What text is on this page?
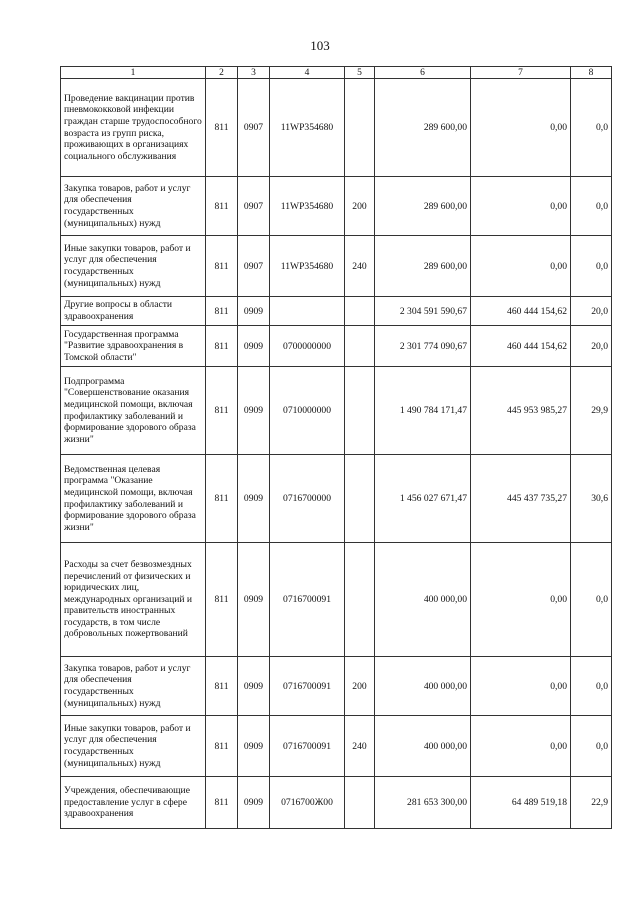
103
1	2	3	4	5	6	7	8
Проведение вакцинации против пневмококковой инфекции граждан старше трудоспособного возраста из групп риска, проживающих в организациях социального обслуживания	811	0907	11WP354680		289 600,00	0,00	0,0
Закупка товаров, работ и услуг для обеспечения государственных (муниципальных) нужд	811	0907	11WP354680	200	289 600,00	0,00	0,0
Иные закупки товаров, работ и услуг для обеспечения государственных (муниципальных) нужд	811	0907	11WP354680	240	289 600,00	0,00	0,0
Другие вопросы в области здравоохранения	811	0909			2 304 591 590,67	460 444 154,62	20,0
Государственная программа "Развитие здравоохранения в Томской области"	811	0909	0700000000		2 301 774 090,67	460 444 154,62	20,0
Подпрограмма "Совершенствование оказания медицинской помощи, включая профилактику заболеваний и формирование здорового образа жизни"	811	0909	0710000000		1 490 784 171,47	445 953 985,27	29,9
Ведомственная целевая программа "Оказание медицинской помощи, включая профилактику заболеваний и формирование здорового образа жизни"	811	0909	0716700000		1 456 027 671,47	445 437 735,27	30,6
Расходы за счет безвозмездных перечислений от физических и юридических лиц, международных организаций и правительств иностранных государств, в том числе добровольных пожертвований	811	0909	0716700091		400 000,00	0,00	0,0
Закупка товаров, работ и услуг для обеспечения государственных (муниципальных) нужд	811	0909	0716700091	200	400 000,00	0,00	0,0
Иные закупки товаров, работ и услуг для обеспечения государственных (муниципальных) нужд	811	0909	0716700091	240	400 000,00	0,00	0,0
Учреждения, обеспечивающие предоставление услуг в сфере здравоохранения	811	0909	0716700Ж00		281 653 300,00	64 489 519,18	22,9
